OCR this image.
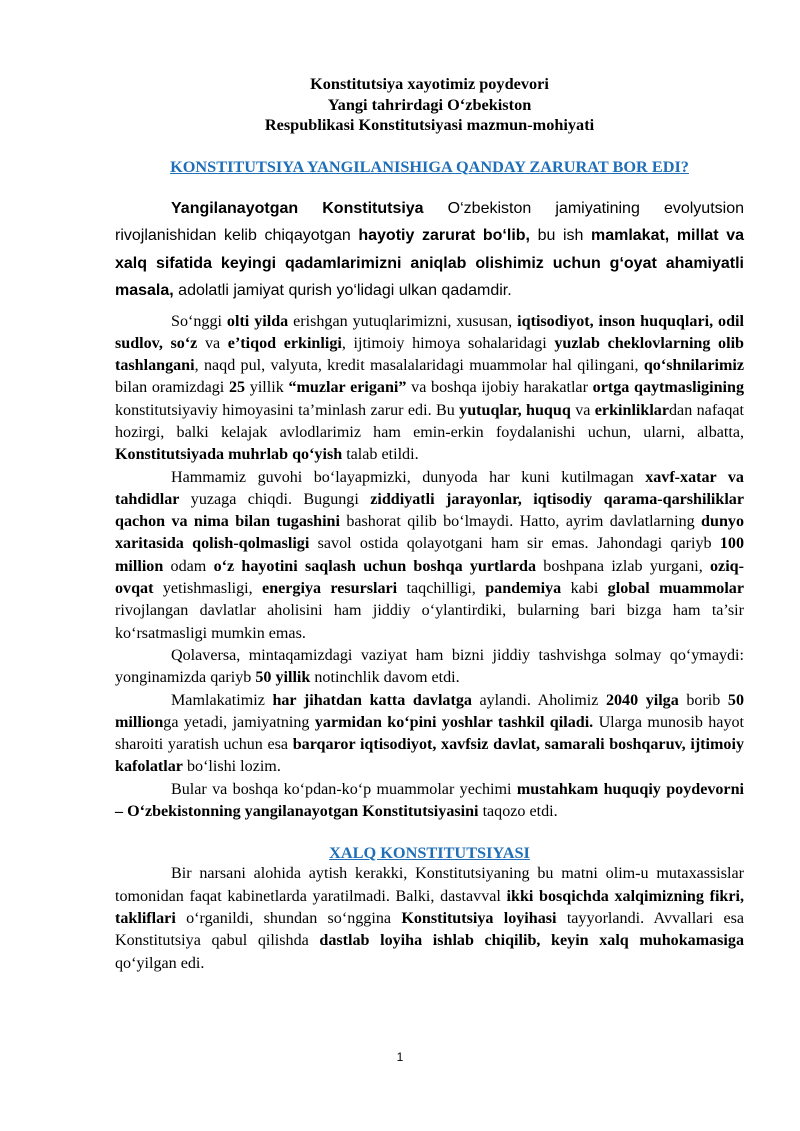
Konstitutsiya xayotimiz poydevori
Yangi tahrirdagi O‘zbekiston
Respublikasi Konstitutsiyasi mazmun-mohiyati
KONSTITUTSIYA YANGILANISHIGA QANDAY ZARURAT BOR EDI?

Yangilanayotgan Konstitutsiya O‘zbekiston jamiyatining evolyutsion rivojlanishidan kelib chiqayotgan hayotiy zarurat bo‘lib, bu ish mamlakat, millat va xalq sifatida keyingi qadamlarimizni aniqlab olishimiz uchun g‘oyat ahamiyatli masala, adolatli jamiyat qurish yo‘lidagi ulkan qadamdir.

So‘nggi olti yilda erishgan yutuqlarimizni, xususan, iqtisodiyot, inson huquqlari, odil sudlov, so‘z va e’tiqod erkinligi, ijtimoiy himoya sohalaridagi yuzlab cheklovlarning olib tashlangani, naqd pul, valyuta, kredit masalalaridagi muammolar hal qilingani, qo‘shnilarimiz bilan oramizdagi 25 yillik “muzlar erigani” va boshqa ijobiy harakatlar ortga qaytmasligining konstitutsiyaviy himoyasini ta’minlash zarur edi. Bu yutuqlar, huquq va erkinliklardan nafaqat hozirgi, balki kelajak avlodlarimiz ham emin-erkin foydalanishi uchun, ularni, albatta, Konstitutsiyada muhrlab qo‘yish talab etildi.

Hammamiz guvohi bo‘layapmizki, dunyoda har kuni kutilmagan xavf-xatar va tahdidlar yuzaga chiqdi. Bugungi ziddiyatli jarayonlar, iqtisodiy qarama-qarshiliklar qachon va nima bilan tugashini bashorat qilib bo‘lmaydi. Hatto, ayrim davlatlarning dunyo xaritasida qolish-qolmasligi savol ostida qolayotgani ham sir emas. Jahondagi qariyb 100 million odam o‘z hayotini saqlash uchun boshqa yurtlarda boshpana izlab yurgani, oziq-ovqat yetishmasligi, energiya resurslari taqchilligi, pandemiya kabi global muammolar rivojlangan davlatlar aholisini ham jiddiy o‘ylantirdiki, bularning bari bizga ham ta’sir ko‘rsatmasligi mumkin emas.

Qolaversa, mintaqamizdagi vaziyat ham bizni jiddiy tashvishga solmay qo‘ymaydi: yonginamizda qariyb 50 yillik notinchlik davom etdi.

Mamlakatimiz har jihatdan katta davlatga aylandi. Aholimiz 2040 yilga borib 50 millionga yetadi, jamiyatning yarmidan ko‘pini yoshlar tashkil qiladi. Ularga munosib hayot sharoiti yaratish uchun esa barqaror iqtisodiyot, xavfsiz davlat, samarali boshqaruv, ijtimoiy kafolatlar bo‘lishi lozim.

Bular va boshqa ko‘pdan-ko‘p muammolar yechimi mustahkam huquqiy poydevorni – O‘zbekistonning yangilanayotgan Konstitutsiyasini taqozo etdi.

XALQ KONSTITUTSIYASI

Bir narsani alohida aytish kerakki, Konstitutsiyaning bu matni olim-u mutaxassislar tomonidan faqat kabinetlarda yaratilmadi. Balki, dastavval ikki bosqichda xalqimizning fikri, takliflari o‘rganildi, shundan so‘nggina Konstitutsiya loyihasi tayyorlandi. Avvallari esa Konstitutsiya qabul qilishda dastlab loyiha ishlab chiqilib, keyin xalq muhokamasiga qo‘yilgan edi.

1
